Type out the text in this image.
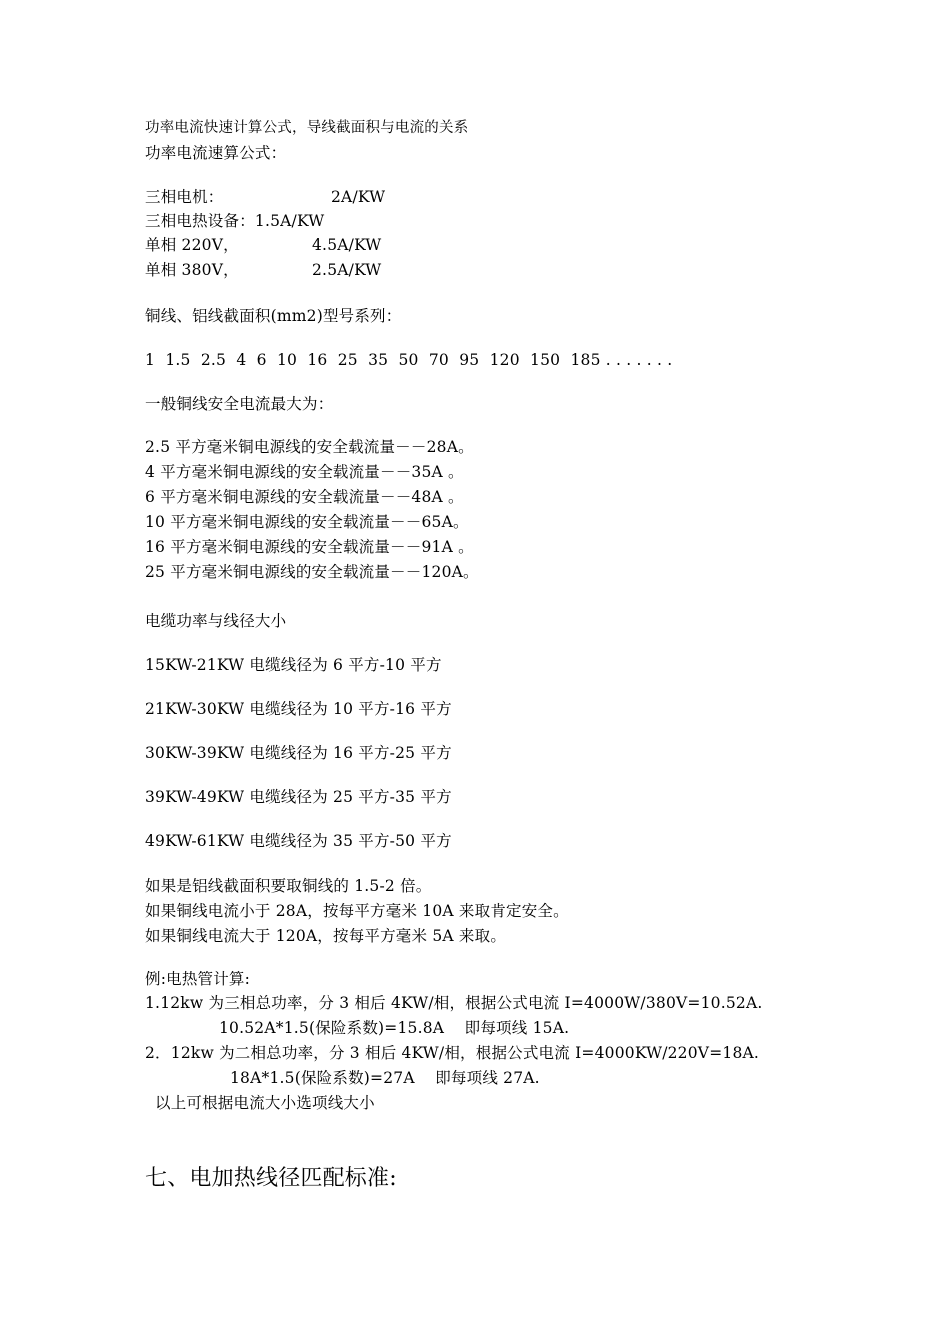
功率电流快速计算公式，导线截面积与电流的关系
功率电流速算公式：
三相电机：	2A/KW
三相电热设备：1.5A/KW
单相 220V，	4.5A/KW
单相 380V，	2.5A/KW
铜线、铝线截面积(mm2)型号系列：
1  1.5  2.5  4  6  10  16  25  35  50  70  95  120  150  185 . . . . . . .
一般铜线安全电流最大为：
2.5 平方毫米铜电源线的安全载流量－－28A。
4 平方毫米铜电源线的安全载流量－－35A 。
6 平方毫米铜电源线的安全载流量－－48A 。
10 平方毫米铜电源线的安全载流量－－65A。
16 平方毫米铜电源线的安全载流量－－91A 。
25 平方毫米铜电源线的安全载流量－－120A。
电缆功率与线径大小
15KW-21KW 电缆线径为 6 平方-10 平方
21KW-30KW 电缆线径为 10 平方-16 平方
30KW-39KW 电缆线径为 16 平方-25 平方
39KW-49KW 电缆线径为 25 平方-35 平方
49KW-61KW 电缆线径为 35 平方-50 平方
如果是铝线截面积要取铜线的 1.5-2 倍。
如果铜线电流小于 28A，按每平方毫米 10A 来取肯定安全。
如果铜线电流大于 120A，按每平方毫米 5A 来取。
例:电热管计算:
1.12kw 为三相总功率，分 3 相后 4KW/相，根据公式电流 I=4000W/380V=10.52A.
10.52A*1.5(保险系数)=15.8A    即每项线 15A.
2．12kw 为二相总功率，分 3 相后 4KW/相，根据公式电流 I=4000KW/220V=18A.
18A*1.5(保险系数)=27A    即每项线 27A.
以上可根据电流大小选项线大小
七、电加热线径匹配标准:
